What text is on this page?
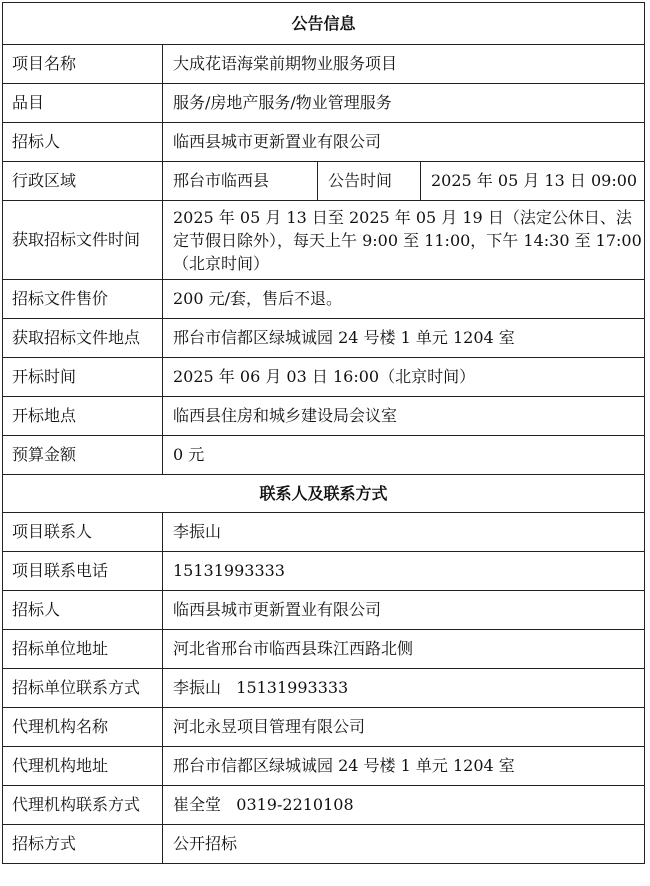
公告信息			
项目名称	大成花语海棠前期物业服务项目		
品目	服务/房地产服务/物业管理服务		
招标人	临西县城市更新置业有限公司		
行政区域	邢台市临西县	公告时间	2025 年 05 月 13 日 09:00
获取招标文件时间	2025 年 05 月 13 日至 2025 年 05 月 19 日（法定公休日、法定节假日除外），每天上午 9:00 至 11:00，下午 14:30 至 17:00（北京时间）		
招标文件售价	200 元/套，售后不退。		
获取招标文件地点	邢台市信都区绿城诚园 24 号楼 1 单元 1204 室		
开标时间	2025 年 06 月 03 日 16:00（北京时间）		
开标地点	临西县住房和城乡建设局会议室		
预算金额	0 元		
联系人及联系方式			
项目联系人	李振山		
项目联系电话	15131993333		
招标人	临西县城市更新置业有限公司		
招标单位地址	河北省邢台市临西县珠江西路北侧		
招标单位联系方式	李振山   15131993333		
代理机构名称	河北永昱项目管理有限公司		
代理机构地址	邢台市信都区绿城诚园 24 号楼 1 单元 1204 室		
代理机构联系方式	崔全堂   0319-2210108		
招标方式	公开招标		
